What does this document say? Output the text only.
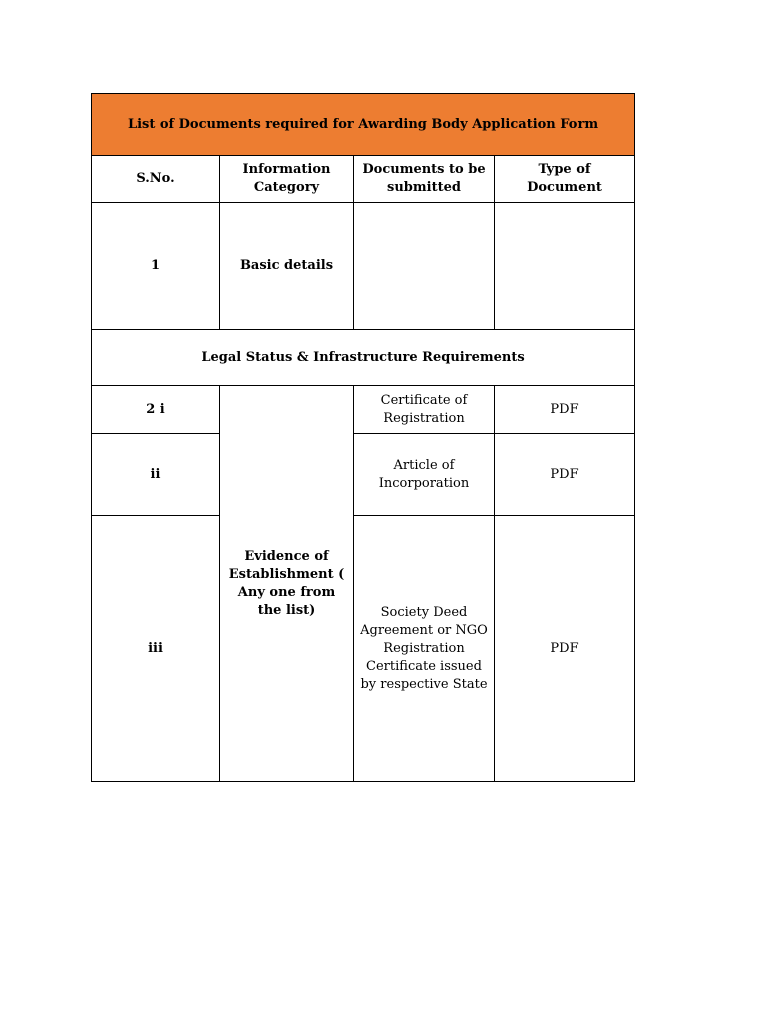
List of Documents required for Awarding Body Application Form			
S.No.	Information Category	Documents to be submitted	Type of Document
1	Basic details		
Legal Status & Infrastructure Requirements			
2 i	Evidence of Establishment ( Any one from the list)	Certificate of Registration	PDF
ii		Article of Incorporation	PDF
iii		Society Deed Agreement or NGO Registration Certificate issued by respective State	PDF
